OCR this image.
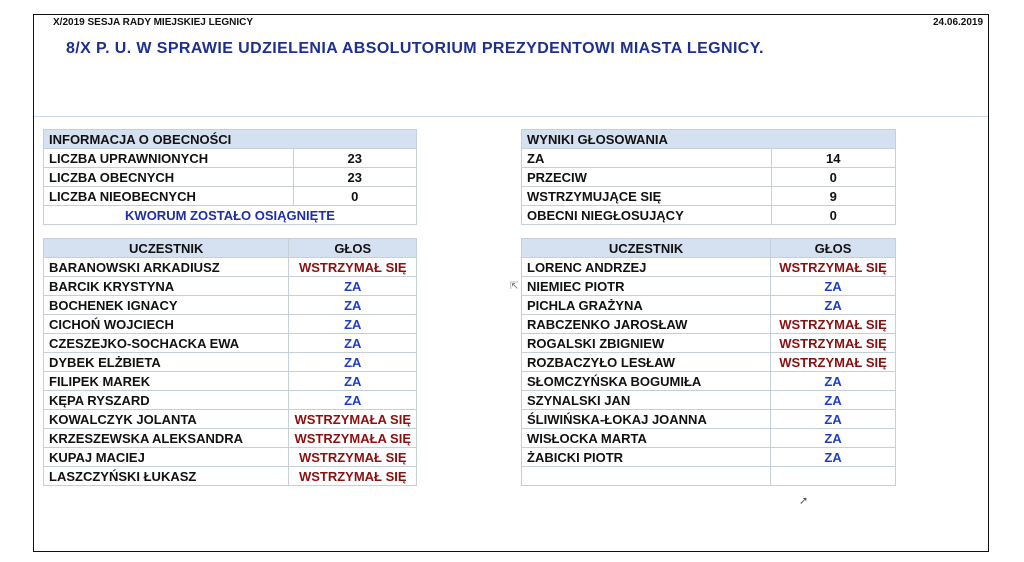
X/2019 SESJA RADY MIEJSKIEJ LEGNICY	24.06.2019
8/X P. U. W SPRAWIE UDZIELENIA ABSOLUTORIUM PREZYDENTOWI MIASTA LEGNICY.
INFORMACJA O OBECNOŚCI	
LICZBA UPRAWNIONYCH	23
LICZBA OBECNYCH	23
LICZBA NIEOBECNYCH	0
KWORUM ZOSTAŁO OSIĄGNIĘTE	
WYNIKI GŁOSOWANIA	
ZA	14
PRZECIW	0
WSTRZYMUJĄCE SIĘ	9
OBECNI NIEGŁOSUJĄCY	0
UCZESTNIK	GŁOS
BARANOWSKI ARKADIUSZ	WSTRZYMAŁ SIĘ
BARCIK KRYSTYNA	ZA
BOCHENEK IGNACY	ZA
CICHOŃ WOJCIECH	ZA
CZESZEJKO-SOCHACKA EWA	ZA
DYBEK ELŻBIETA	ZA
FILIPEK MAREK	ZA
KĘPA RYSZARD	ZA
KOWALCZYK JOLANTA	WSTRZYMAŁA SIĘ
KRZESZEWSKA ALEKSANDRA	WSTRZYMAŁA SIĘ
KUPAJ MACIEJ	WSTRZYMAŁ SIĘ
LASZCZYŃSKI ŁUKASZ	WSTRZYMAŁ SIĘ
UCZESTNIK	GŁOS
LORENC ANDRZEJ	WSTRZYMAŁ SIĘ
NIEMIEC PIOTR	ZA
PICHLA GRAŻYNA	ZA
RABCZENKO JAROSŁAW	WSTRZYMAŁ SIĘ
ROGALSKI ZBIGNIEW	WSTRZYMAŁ SIĘ
ROZBACZYŁO LESŁAW	WSTRZYMAŁ SIĘ
SŁOMCZYŃSKA BOGUMIŁA	ZA
SZYNALSKI JAN	ZA
ŚLIWIŃSKA-ŁOKAJ JOANNA	ZA
WISŁOCKA MARTA	ZA
ŻABICKI PIOTR	ZA

⇱
➚
